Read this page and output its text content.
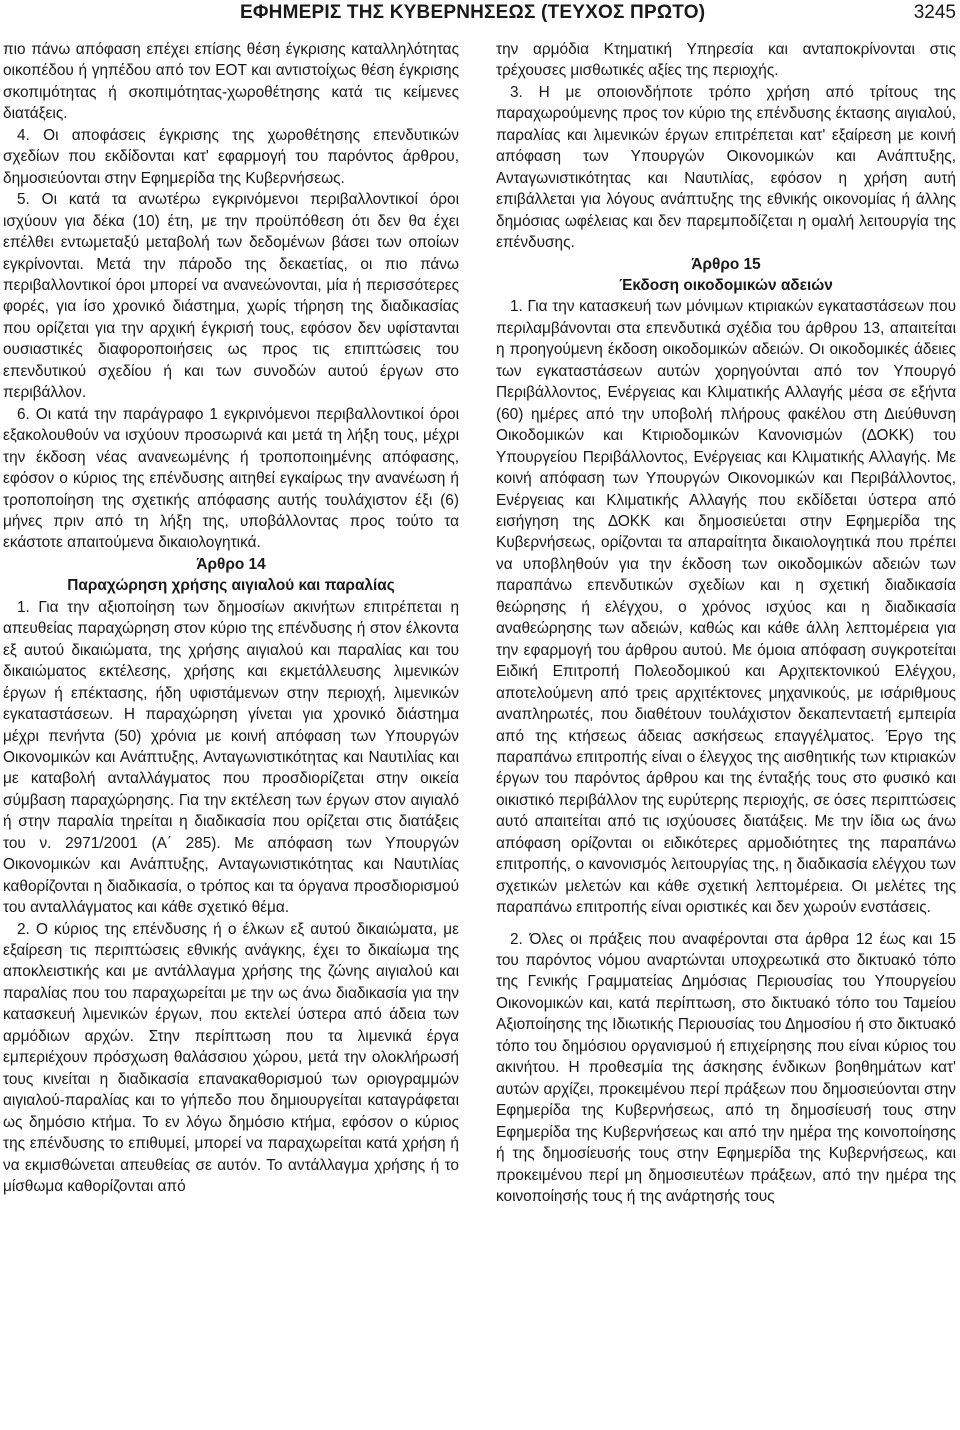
ΕΦΗΜΕΡΙΣ ΤΗΣ ΚΥΒΕΡΝΗΣΕΩΣ (ΤΕΥΧΟΣ ΠΡΩΤΟ)	3245

πιο πάνω απόφαση επέχει επίσης θέση έγκρισης καταλληλότητας οικοπέδου ή γηπέδου από τον ΕΟΤ και αντιστοίχως θέση έγκρισης σκοπιμότητας ή σκοπιμότητας-χωροθέτησης κατά τις κείμενες διατάξεις.

4. Οι αποφάσεις έγκρισης της χωροθέτησης επενδυτικών σχεδίων που εκδίδονται κατ' εφαρμογή του παρόντος άρθρου, δημοσιεύονται στην Εφημερίδα της Κυβερνήσεως.

5. Οι κατά τα ανωτέρω εγκρινόμενοι περιβαλλοντικοί όροι ισχύουν για δέκα (10) έτη, με την προϋπόθεση ότι δεν θα έχει επέλθει εντωμεταξύ μεταβολή των δεδομένων βάσει των οποίων εγκρίνονται. Μετά την πάροδο της δεκαετίας, οι πιο πάνω περιβαλλοντικοί όροι μπορεί να ανανεώνονται, μία ή περισσότερες φορές, για ίσο χρονικό διάστημα, χωρίς τήρηση της διαδικασίας που ορίζεται για την αρχική έγκρισή τους, εφόσον δεν υφίστανται ουσιαστικές διαφοροποιήσεις ως προς τις επιπτώσεις του επενδυτικού σχεδίου ή και των συνοδών αυτού έργων στο περιβάλλον.

6. Οι κατά την παράγραφο 1 εγκρινόμενοι περιβαλλοντικοί όροι εξακολουθούν να ισχύουν προσωρινά και μετά τη λήξη τους, μέχρι την έκδοση νέας ανανεωμένης ή τροποποιημένης απόφασης, εφόσον ο κύριος της επένδυσης αιτηθεί εγκαίρως την ανανέωση ή τροποποίηση της σχετικής απόφασης αυτής τουλάχιστον έξι (6) μήνες πριν από τη λήξη της, υποβάλλοντας προς τούτο τα εκάστοτε απαιτούμενα δικαιολογητικά.

Άρθρο 14

Παραχώρηση χρήσης αιγιαλού και παραλίας

1. Για την αξιοποίηση των δημοσίων ακινήτων επιτρέπεται η απευθείας παραχώρηση στον κύριο της επένδυσης ή στον έλκοντα εξ αυτού δικαιώματα, της χρήσης αιγιαλού και παραλίας και του δικαιώματος εκτέλεσης, χρήσης και εκμετάλλευσης λιμενικών έργων ή επέκτασης, ήδη υφιστάμενων στην περιοχή, λιμενικών εγκαταστάσεων. Η παραχώρηση γίνεται για χρονικό διάστημα μέχρι πενήντα (50) χρόνια με κοινή απόφαση των Υπουργών Οικονομικών και Ανάπτυξης, Ανταγωνιστικότητας και Ναυτιλίας και με καταβολή ανταλλάγματος που προσδιορίζεται στην οικεία σύμβαση παραχώρησης. Για την εκτέλεση των έργων στον αιγιαλό ή στην παραλία τηρείται η διαδικασία που ορίζεται στις διατάξεις του ν. 2971/2001 (Α΄ 285). Με απόφαση των Υπουργών Οικονομικών και Ανάπτυξης, Ανταγωνιστικότητας και Ναυτιλίας καθορίζονται η διαδικασία, ο τρόπος και τα όργανα προσδιορισμού του ανταλλάγματος και κάθε σχετικό θέμα.

2. Ο κύριος της επένδυσης ή ο έλκων εξ αυτού δικαιώματα, με εξαίρεση τις περιπτώσεις εθνικής ανάγκης, έχει το δικαίωμα της αποκλειστικής και με αντάλλαγμα χρήσης της ζώνης αιγιαλού και παραλίας που του παραχωρείται με την ως άνω διαδικασία για την κατασκευή λιμενικών έργων, που εκτελεί ύστερα από άδεια των αρμόδιων αρχών. Στην περίπτωση που τα λιμενικά έργα εμπεριέχουν πρόσχωση θαλάσσιου χώρου, μετά την ολοκλήρωσή τους κινείται η διαδικασία επανακαθορισμού των οριογραμμών αιγιαλού-παραλίας και το γήπεδο που δημιουργείται καταγράφεται ως δημόσιο κτήμα. Το εν λόγω δημόσιο κτήμα, εφόσον ο κύριος της επένδυσης το επιθυμεί, μπορεί να παραχωρείται κατά χρήση ή να εκμισθώνεται απευθείας σε αυτόν. Το αντάλλαγμα χρήσης ή το μίσθωμα καθορίζονται από

την αρμόδια Κτηματική Υπηρεσία και ανταποκρίνονται στις τρέχουσες μισθωτικές αξίες της περιοχής.

3. Η με οποιονδήποτε τρόπο χρήση από τρίτους της παραχωρούμενης προς τον κύριο της επένδυσης έκτασης αιγιαλού, παραλίας και λιμενικών έργων επιτρέπεται κατ' εξαίρεση με κοινή απόφαση των Υπουργών Οικονομικών και Ανάπτυξης, Ανταγωνιστικότητας και Ναυτιλίας, εφόσον η χρήση αυτή επιβάλλεται για λόγους ανάπτυξης της εθνικής οικονομίας ή άλλης δημόσιας ωφέλειας και δεν παρεμποδίζεται η ομαλή λειτουργία της επένδυσης.

Άρθρο 15

Έκδοση οικοδομικών αδειών

1. Για την κατασκευή των μόνιμων κτιριακών εγκαταστάσεων που περιλαμβάνονται στα επενδυτικά σχέδια του άρθρου 13, απαιτείται η προηγούμενη έκδοση οικοδομικών αδειών. Οι οικοδομικές άδειες των εγκαταστάσεων αυτών χορηγούνται από τον Υπουργό Περιβάλλοντος, Ενέργειας και Κλιματικής Αλλαγής μέσα σε εξήντα (60) ημέρες από την υποβολή πλήρους φακέλου στη Διεύθυνση Οικοδομικών και Κτιριοδομικών Κανονισμών (ΔΟΚΚ) του Υπουργείου Περιβάλλοντος, Ενέργειας και Κλιματικής Αλλαγής. Με κοινή απόφαση των Υπουργών Οικονομικών και Περιβάλλοντος, Ενέργειας και Κλιματικής Αλλαγής που εκδίδεται ύστερα από εισήγηση της ΔΟΚΚ και δημοσιεύεται στην Εφημερίδα της Κυβερνήσεως, ορίζονται τα απαραίτητα δικαιολογητικά που πρέπει να υποβληθούν για την έκδοση των οικοδομικών αδειών των παραπάνω επενδυτικών σχεδίων και η σχετική διαδικασία θεώρησης ή ελέγχου, ο χρόνος ισχύος και η διαδικασία αναθεώρησης των αδειών, καθώς και κάθε άλλη λεπτομέρεια για την εφαρμογή του άρθρου αυτού. Με όμοια απόφαση συγκροτείται Ειδική Επιτροπή Πολεοδομικού και Αρχιτεκτονικού Ελέγχου, αποτελούμενη από τρεις αρχιτέκτονες μηχανικούς, με ισάριθμους αναπληρωτές, που διαθέτουν τουλάχιστον δεκαπενταετή εμπειρία από της κτήσεως άδειας ασκήσεως επαγγέλματος. Έργο της παραπάνω επιτροπής είναι ο έλεγχος της αισθητικής των κτιριακών έργων του παρόντος άρθρου και της ένταξής τους στο φυσικό και οικιστικό περιβάλλον της ευρύτερης περιοχής, σε όσες περιπτώσεις αυτό απαιτείται από τις ισχύουσες διατάξεις. Με την ίδια ως άνω απόφαση ορίζονται οι ειδικότερες αρμοδιότητες της παραπάνω επιτροπής, ο κανονισμός λειτουργίας της, η διαδικασία ελέγχου των σχετικών μελετών και κάθε σχετική λεπτομέρεια. Οι μελέτες της παραπάνω επιτροπής είναι οριστικές και δεν χωρούν ενστάσεις.

2. Όλες οι πράξεις που αναφέρονται στα άρθρα 12 έως και 15 του παρόντος νόμου αναρτώνται υποχρεωτικά στο δικτυακό τόπο της Γενικής Γραμματείας Δημόσιας Περιουσίας του Υπουργείου Οικονομικών και, κατά περίπτωση, στο δικτυακό τόπο του Ταμείου Αξιοποίησης της Ιδιωτικής Περιουσίας του Δημοσίου ή στο δικτυακό τόπο του δημόσιου οργανισμού ή επιχείρησης που είναι κύριος του ακινήτου. Η προθεσμία της άσκησης ένδικων βοηθημάτων κατ' αυτών αρχίζει, προκειμένου περί πράξεων που δημοσιεύονται στην Εφημερίδα της Κυβερνήσεως, από τη δημοσίευσή τους στην Εφημερίδα της Κυβερνήσεως και από την ημέρα της κοινοποίησης ή της δημοσίευσής τους στην Εφημερίδα της Κυβερνήσεως, και προκειμένου περί μη δημοσιευτέων πράξεων, από την ημέρα της κοινοποίησής τους ή της ανάρτησής τους
